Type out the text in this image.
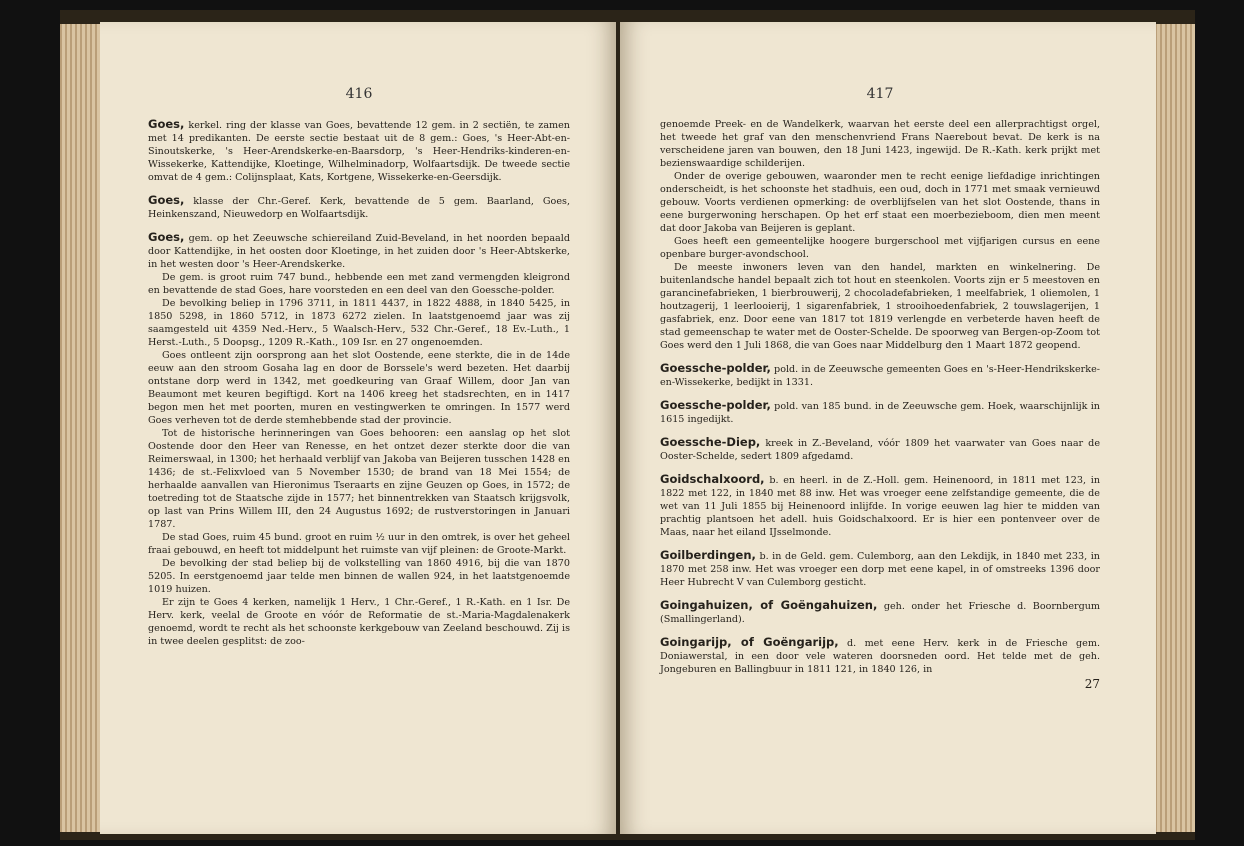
416

Goes, kerkel. ring der klasse van Goes, bevattende 12 gem. in 2 sectiën, te zamen met 14 predikanten. De eerste sectie bestaat uit de 8 gem.: Goes, 's Heer-Abt-en-Sinoutskerke, 's Heer-Arendskerke-en-Baarsdorp, 's Heer-Hendriks-kinderen-en-Wissekerke, Kattendijke, Kloetinge, Wilhelminadorp, Wolfaartsdijk. De tweede sectie omvat de 4 gem.: Colijnsplaat, Kats, Kortgene, Wissekerke-en-Geersdijk.

Goes, klasse der Chr.-Geref. Kerk, bevattende de 5 gem. Baarland, Goes, Heinkenszand, Nieuwedorp en Wolfaartsdijk.

Goes, gem. op het Zeeuwsche schiereiland Zuid-Beveland, in het noorden bepaald door Kattendijke, in het oosten door Kloetinge, in het zuiden door 's Heer-Abtskerke, in het westen door 's Heer-Arendskerke.

De gem. is groot ruim 747 bund., hebbende een met zand vermengden kleigrond en bevattende de stad Goes, hare voorsteden en een deel van den Goessche-polder.

De bevolking beliep in 1796 3711, in 1811 4437, in 1822 4888, in 1840 5425, in 1850 5298, in 1860 5712, in 1873 6272 zielen. In laatstgenoemd jaar was zij saamgesteld uit 4359 Ned.-Herv., 5 Waalsch-Herv., 532 Chr.-Geref., 18 Ev.-Luth., 1 Herst.-Luth., 5 Doopsg., 1209 R.-Kath., 109 Isr. en 27 ongenoemden.

Goes ontleent zijn oorsprong aan het slot Oostende, eene sterkte, die in de 14de eeuw aan den stroom Gosaha lag en door de Borssele's werd bezeten. Het daarbij ontstane dorp werd in 1342, met goedkeuring van Graaf Willem, door Jan van Beaumont met keuren begiftigd. Kort na 1406 kreeg het stadsrechten, en in 1417 begon men het met poorten, muren en vestingwerken te omringen. In 1577 werd Goes verheven tot de derde stemhebbende stad der provincie.

Tot de historische herinneringen van Goes behooren: een aanslag op het slot Oostende door den Heer van Renesse, en het ontzet dezer sterkte door die van Reimerswaal, in 1300; het herhaald verblijf van Jakoba van Beijeren tusschen 1428 en 1436; de st.-Felixvloed van 5 November 1530; de brand van 18 Mei 1554; de herhaalde aanvallen van Hieronimus Tseraarts en zijne Geuzen op Goes, in 1572; de toetreding tot de Staatsche zijde in 1577; het binnentrekken van Staatsch krijgsvolk, op last van Prins Willem III, den 24 Augustus 1692; de rustverstoringen in Januari 1787.

De stad Goes, ruim 45 bund. groot en ruim ½ uur in den omtrek, is over het geheel fraai gebouwd, en heeft tot middelpunt het ruimste van vijf pleinen: de Groote-Markt.

De bevolking der stad beliep bij de volkstelling van 1860 4916, bij die van 1870 5205. In eerstgenoemd jaar telde men binnen de wallen 924, in het laatstgenoemde 1019 huizen.

Er zijn te Goes 4 kerken, namelijk 1 Herv., 1 Chr.-Geref., 1 R.-Kath. en 1 Isr. De Herv. kerk, veelal de Groote en vóór de Reformatie de st.-Maria-Magdalenakerk genoemd, wordt te recht als het schoonste kerkgebouw van Zeeland beschouwd. Zij is in twee deelen gesplitst: de zoo-

417

genoemde Preek- en de Wandelkerk, waarvan het eerste deel een allerprachtigst orgel, het tweede het graf van den menschenvriend Frans Naerebout bevat. De kerk is na verscheidene jaren van bouwen, den 18 Juni 1423, ingewijd. De R.-Kath. kerk prijkt met bezienswaardige schilderijen.

Onder de overige gebouwen, waaronder men te recht eenige liefdadige inrichtingen onderscheidt, is het schoonste het stadhuis, een oud, doch in 1771 met smaak vernieuwd gebouw. Voorts verdienen opmerking: de overblijfselen van het slot Oostende, thans in eene burgerwoning herschapen. Op het erf staat een moerbezieboom, dien men meent dat door Jakoba van Beijeren is geplant.

Goes heeft een gemeentelijke hoogere burgerschool met vijfjarigen cursus en eene openbare burger-avondschool.

De meeste inwoners leven van den handel, markten en winkelnering. De buitenlandsche handel bepaalt zich tot hout en steenkolen. Voorts zijn er 5 meestoven en garancinefabrieken, 1 bierbrouwerij, 2 chocoladefabrieken, 1 meelfabriek, 1 oliemolen, 1 houtzagerij, 1 leerlooierij, 1 sigarenfabriek, 1 strooihoedenfabriek, 2 touwslagerijen, 1 gasfabriek, enz. Door eene van 1817 tot 1819 verlengde en verbeterde haven heeft de stad gemeenschap te water met de Ooster-Schelde. De spoorweg van Bergen-op-Zoom tot Goes werd den 1 Juli 1868, die van Goes naar Middelburg den 1 Maart 1872 geopend.

Goessche-polder, pold. in de Zeeuwsche gemeenten Goes en 's-Heer-Hendrikskerke-en-Wissekerke, bedijkt in 1331.

Goessche-polder, pold. van 185 bund. in de Zeeuwsche gem. Hoek, waarschijnlijk in 1615 ingedijkt.

Goessche-Diep, kreek in Z.-Beveland, vóór 1809 het vaarwater van Goes naar de Ooster-Schelde, sedert 1809 afgedamd.

Goidschalxoord, b. en heerl. in de Z.-Holl. gem. Heinenoord, in 1811 met 123, in 1822 met 122, in 1840 met 88 inw. Het was vroeger eene zelfstandige gemeente, die de wet van 11 Juli 1855 bij Heinenoord inlijfde. In vorige eeuwen lag hier te midden van prachtig plantsoen het adell. huis Goidschalxoord. Er is hier een pontenveer over de Maas, naar het eiland IJsselmonde.

Goilberdingen, b. in de Geld. gem. Culemborg, aan den Lekdijk, in 1840 met 233, in 1870 met 258 inw. Het was vroeger een dorp met eene kapel, in of omstreeks 1396 door Heer Hubrecht V van Culemborg gesticht.

Goingahuizen, of Goëngahuizen, geh. onder het Friesche d. Boornbergum (Smallingerland).

Goingarijp, of Goëngarijp, d. met eene Herv. kerk in de Friesche gem. Doniawerstal, in een door vele wateren doorsneden oord. Het telde met de geh. Jongeburen en Ballingbuur in 1811 121, in 1840 126, in

27
